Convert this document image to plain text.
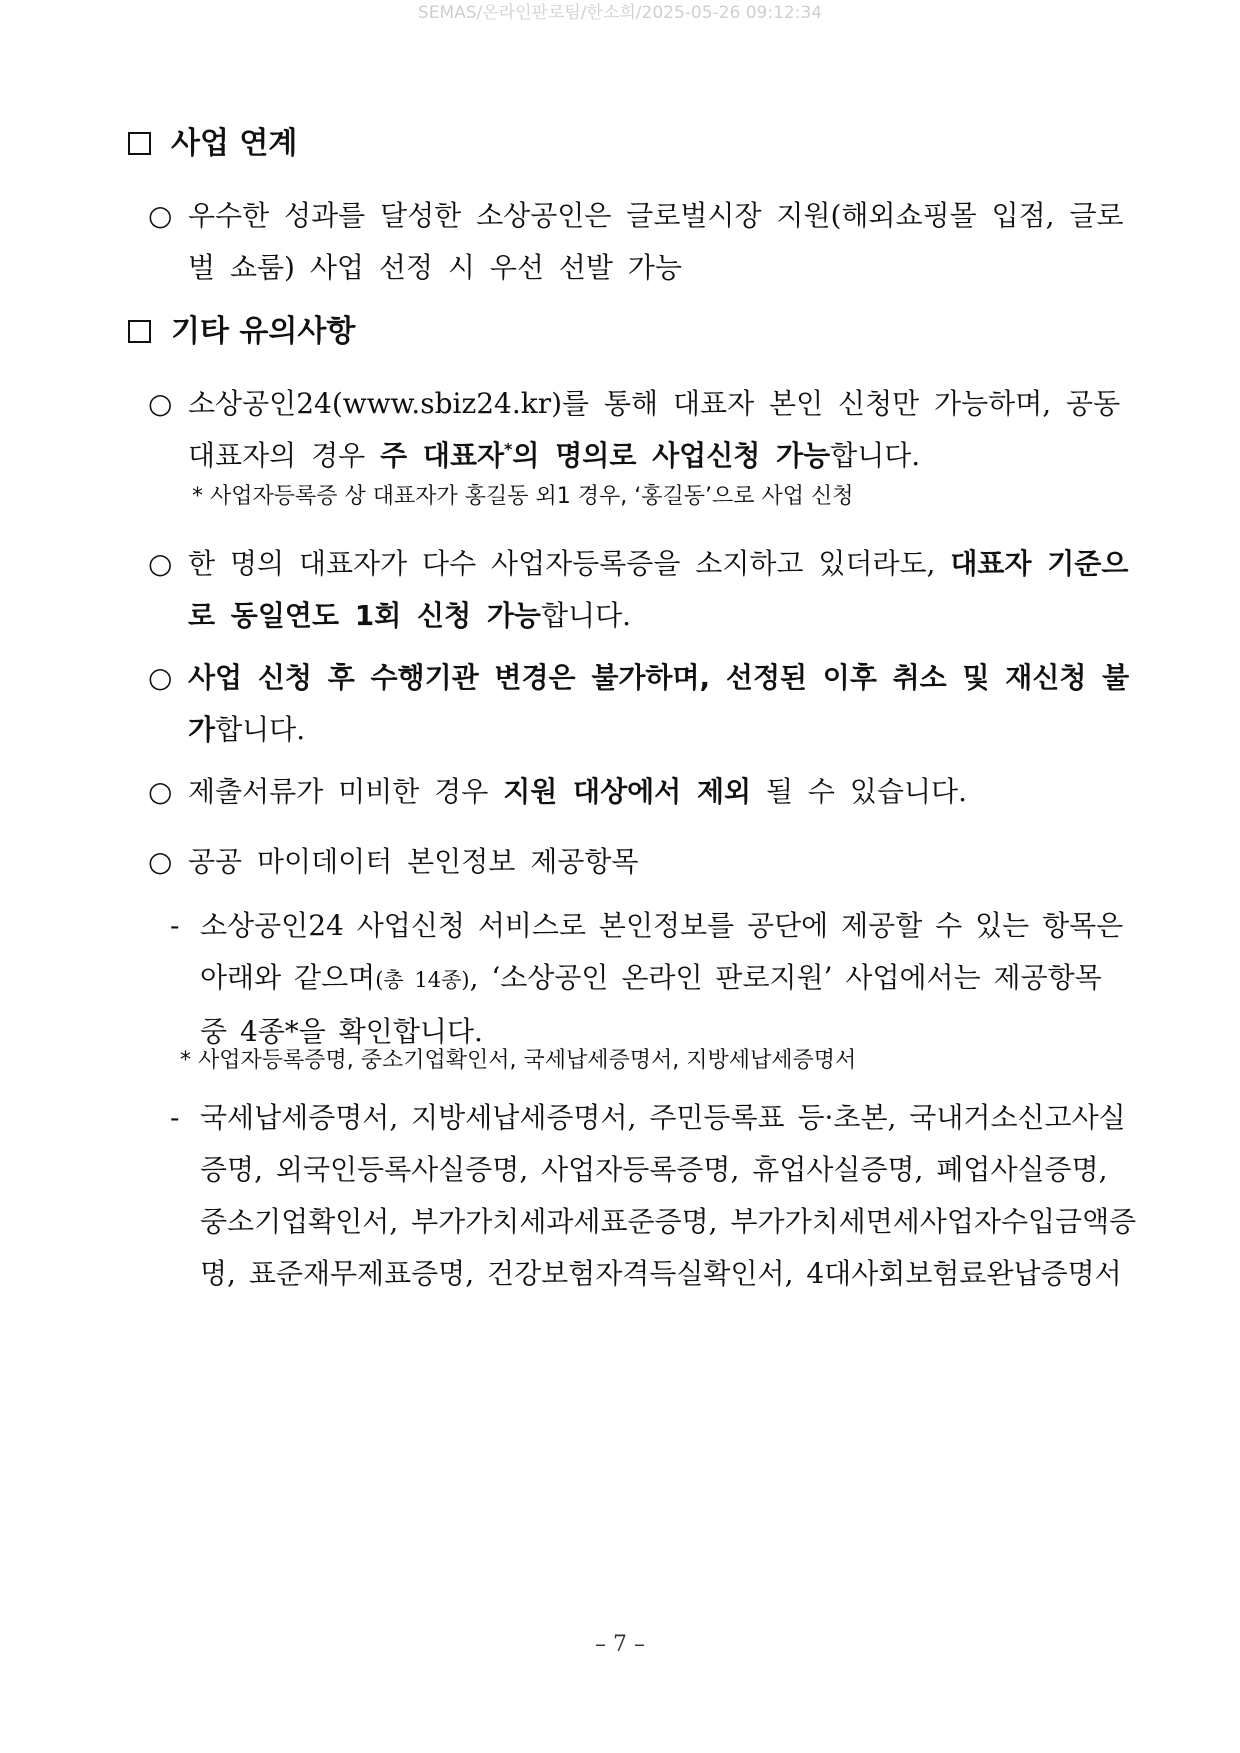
SEMAS/온라인판로팀/한소희/2025-05-26 09:12:34
사업 연계
○ 우수한 성과를 달성한 소상공인은 글로벌시장 지원(해외쇼핑몰 입점, 글로벌 쇼룸) 사업 선정 시 우선 선발 가능
기타 유의사항
○ 소상공인24(www.sbiz24.kr)를 통해 대표자 본인 신청만 가능하며, 공동대표자의 경우 주 대표자*의 명의로 사업신청 가능합니다.
* 사업자등록증 상 대표자가 홍길동 외1 경우, ‘홍길동’으로 사업 신청
○ 한 명의 대표자가 다수 사업자등록증을 소지하고 있더라도, 대표자 기준으로 동일연도 1회 신청 가능합니다.
○ 사업 신청 후 수행기관 변경은 불가하며, 선정된 이후 취소 및 재신청 불가합니다.
○ 제출서류가 미비한 경우 지원 대상에서 제외 될 수 있습니다.
○ 공공 마이데이터 본인정보 제공항목
- 소상공인24 사업신청 서비스로 본인정보를 공단에 제공할 수 있는 항목은 아래와 같으며(총 14종), ‘소상공인 온라인 판로지원’ 사업에서는 제공항목 중 4종*을 확인합니다.
* 사업자등록증명, 중소기업확인서, 국세납세증명서, 지방세납세증명서
- 국세납세증명서, 지방세납세증명서, 주민등록표 등·초본, 국내거소신고사실증명, 외국인등록사실증명, 사업자등록증명, 휴업사실증명, 폐업사실증명, 중소기업확인서, 부가가치세과세표준증명, 부가가치세면세사업자수입금액증명, 표준재무제표증명, 건강보험자격득실확인서, 4대사회보험료완납증명서
– 7 –
